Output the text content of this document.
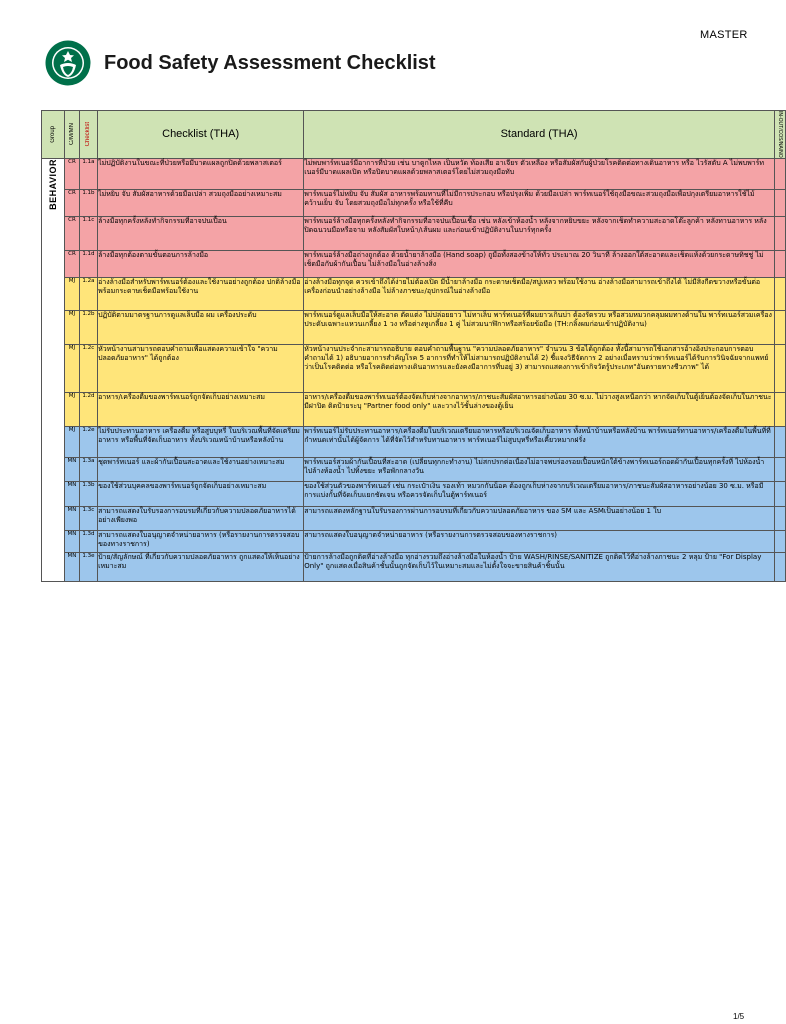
MASTER
Food Safety Assessment Checklist
Group	C/M/MN	Checklist	Checklist (THA)	Standard (THA)	IN-OUT/COS/NA/NO

BEHAVIOR	CR	1.1a	ไม่ปฏิบัติงานในขณะที่ป่วยหรือมีบาดแผลถูกปิดด้วยพลาสเตอร์	ไม่พบพาร์ทเนอร์มีอาการที่ป่วย เช่น บาดูกไหล เป็นหวัด ท้องเสีย อาเจียร ตัวเหลือง หรือสัมผัสกับผู้ป่วยโรคติดต่อทางเดินอาหาร หรือ ไวรัสตับ A ไม่พบพาร์ทเนอร์มีบาดแผลเปิด หรือปิดบาดแผลด้วยพลาสเตอร์โดยไม่สวมถุงมือทับ	
	CR	1.1b	ไม่หยิบ จับ สัมผัสอาหารด้วยมือเปล่า สวมถุงมืออย่างเหมาะสม	พาร์ทเนอร์ไม่หยิบ จับ สัมผัส อาหารพร้อมทานที่ไม่มีการประกอบ หรือปรุงเพิ่ม ด้วยมือเปล่า พาร์ทเนอร์ใช้ถุงมือขณะสวมถุงมือเพื่อปกุงเตรียมอาหารใช้ไม้ คว้านเย็บ จับ โดยสวมถุงมือไม่ทุกครั้ง หรือใช้ที่คีบ	
	CR	1.1c	ล้างมือทุกครั้งหลังทำกิจกรรมที่อาจปนเปื้อน	พาร์ทเนอร์ล้างมือทุกครั้งหลังทำกิจกรรมที่อาจปนเปื้อนเชื้อ เช่น หลังเข้าห้องน้ำ หลังจากหยิบขยะ หลังจากเช็ดทำความสะอาดโต๊ะลูกค้า หลังทานอาหาร หลังปิดฉนวนมือหรือจาม หลังสัมผัสใบหน้า/เส้นผม และก่อนเข้าปฏิบัติงานในบาร์ทุกครั้ง	
	CR	1.1d	ล้างมือทุกต้องตามขั้นตอนการล้างมือ	พาร์ทเนอร์ล้างมือถ่างถูกต้อง ด้วยน้ำยาล้างมือ (Hand soap) ถูมือทั้งสองข้างให้ทั่ว ประมาณ 20 วินาที ล้างออกใต้สะอาดและเช็ดแห้งด้วยกระดาษทิชชู่ ไม่เช็ดมือกับผ้ากันเปื้อน ไม่ล้างมือในอ่างล้างสิ่ง	
	MJ	1.2a	อ่างล้างมือสำหรับพาร์ทเนอร์ต้องและใช้งานอย่างถูกต้อง ปกติล้างมือพร้อมกระดาษเช็ดมือพร้อมใช้งาน	อ่างล้างมือทุกจุด ควรเข้าถึงได้ง่ายไม่ต้องเปิด มีน้ำยาล้างมือ กระดาษเช็ดมือ/สบู่เหลว พร้อมใช้งาน อ่างล้างมือสามารถเข้าถึงได้ ไม่มีสิ่งกีดขวางหรือขั้นต่อเครื่องก่อนนำอย่างล้างมือ ไม่ล้างภาชนะ/อุปกรณ์ในอ่างล้างมือ	
	MJ	1.2b	ปฏิบัติตามมาตรฐานการดูแลเล็บมือ ผม เครื่องประดับ	พาร์ทเนอร์ดูแลเล็บมือให้สะอาด ตัดแต่ง ไม่ปล่อยยาว ไม่ทาเล็บ พาร์ทเนอร์ที่ผมยาวเกินบ่า ต้องรัดรวบ หรือสวมหมวกคลุมผมทางด้านใน พาร์ทเนอร์สวมเครื่องประดับเฉพาะแหวนเกลี้ยง 1 วง หรือต่างหูเกลี้ยง 1 คู่ ไม่สวมนาฬิกาหรือสร้อยข้อมือ (TH:กลิ้งผมก่อนเข้าปฏิบัติงาน)	
	MJ	1.2c	หัวหน้างานสามารถตอบคำถามเพื่อแสดงความเข้าใจ "ความปลอดภัยอาหาร" ได้ถูกต้อง	หัวหน้างานประจำกะสามารถอธิบาย ตอบคำถามพื้นฐาน "ความปลอดภัยอาหาร" จำนวน 3 ข้อได้ถูกต้อง ทั้งนี้สามารถใช้เอกสารอ้างอิงประกอบการตอบคำถามได้ 1) อธิบายอาการสำคัญโรค 5 อาการที่ทำให้ไม่สามารถปฏิบัติงานได้ 2) ชี้แจงวิธีจัดการ 2 อย่างเมื่อทราบว่าพาร์ทเนอร์ได้รับการวินิจฉัยจากแพทย์ว่าเป็นโรคติดต่อ หรือโรคติดต่อทางเดินอาหารและยังคงมีอาการที่บอยู่ 3) สามารถแสดงการเข้ากิจวัตรู้ประเภท"อันตรายทางชีวภาพ" ได้	
	MJ	1.2d	อาหาร/เครื่องดื่มของพาร์ทเนอร์ถูกจัดเก็บอย่างเหมาะสม	อาหาร/เครื่องดื่มของพาร์ทเนอร์ต้องจัดเก็บห่างจากอาหาร/ภาชนะสัมผัสอาหารอย่างน้อย 30 ซ.ม. ไม่วางสูงเหนือกว่า หากจัดเก็บในตู้เย็นต้องจัดเก็บในภาชนะมีฝาปิด ติดป้ายระบุ "Partner food only" และวางไว้ชั้นล่างของตู้เย็น	
	MJ	1.2e	ไม่รับประทานอาหาร เครื่องดื่ม หรือสูบบุหรี่ ในบริเวณพื้นที่จัดเตรียมอาหาร หรือพื้นที่จัดเก็บอาหาร ทั้งบริเวณหน้าบ้านหรือหลังบ้าน	พาร์ทเนอร์ไม่รับประทานอาหาร/เครื่องดื่มในบริเวณเตรียมอาหารหรือบริเวณจัดเก็บอาหาร ทั้งหน้าบ้านหรือหลังบ้าน พาร์ทเนอร์ทานอาหาร/เครื่องดื่มในพื้นที่ที่กำหนดเท่านั้นได้ผู้จัดการ ได้ที่จัดไว้สำหรับทานอาหาร พาร์ทเนอร์ไม่สูบบุหรี่หรือเคี้ยวหมากฝรั่ง	
	MN	1.3a	ชุดพาร์ทเนอร์ และผ้ากันเปื้อนสะอาดและใช้งานอย่างเหมาะสม	พาร์ทเนอร์สวมผ้ากันเปื้อนที่สะอาด (เปลี่ยนทุกกะทำงาน) ไม่สกปรกต่อเนื่องไม่อาจพบร่องรอยเปื้อนหนักใต้ข้างพาร์ทเนอร์ถอดผ้ากันเปื้อนทุกครั้งที่ ไปห้องน้ำ ไปล้างห้องน้ำ ไปทิ้งขยะ หรือพักกลางวัน	
	MN	1.3b	ของใช้ส่วนบุคคลของพาร์ทเนอร์ถูกจัดเก็บอย่างเหมาะสม	ของใช้ส่วนตัวของพาร์ทเนอร์ เช่น กระเป๋าเงิน รองเท้า หมวกกันน็อค ต้องถูกเก็บห่างจากบริเวณเตรียมอาหาร/ภาชนะสัมผัสอาหารอย่างน้อย 30 ซ.ม. หรือมีการแบ่งกั้นที่จัดเก็บแยกชัดเจน หรือควรจัดเก็บในตู้พาร์ทเนอร์	
	MN	1.3c	สามารถแสดงใบรับรองการอบรมที่เกี่ยวกับความปลอดภัยอาหารได้อย่างเพียงพอ	สามารถแสดงหลักฐานใบรับรองการผ่านการอบรมที่เกี่ยวกับความปลอดภัยอาหาร ของ SM และ ASMเป็นอย่างน้อย 1 ใบ	
	MN	1.3d	สามารถแสดงใบอนุญาตจำหน่ายอาหาร (หรือรายงานการตรวจสอบของทางราชการ)	สามารถแสดงใบอนุญาตจำหน่ายอาหาร (หรือรายงานการตรวจสอบของทางราชการ)	
	MN	1.3e	ป้าย/สัญลักษณ์ ที่เกี่ยวกับความปลอดภัยอาหาร ถูกแสดงให้เห็นอย่างเหมาะสม	ป้ายการล้างมือถูกติดที่อ่างล้างมือ ทุกอ่างรวมถึงอ่างล้างมือในห้องน้ำ ป้าย WASH/RINSE/SANITIZE ถูกติดไว้ที่อ่างล้างภาชนะ 2 หลุม ป้าย "For Display Only" ถูกแสดงเมื่อสินค้าชั้นนั้นถูกจัดเก็บไว้ในเหมาะสมและไม่ตั้งใจจะขายสินค้าชิ้นนั้น	
1/5
